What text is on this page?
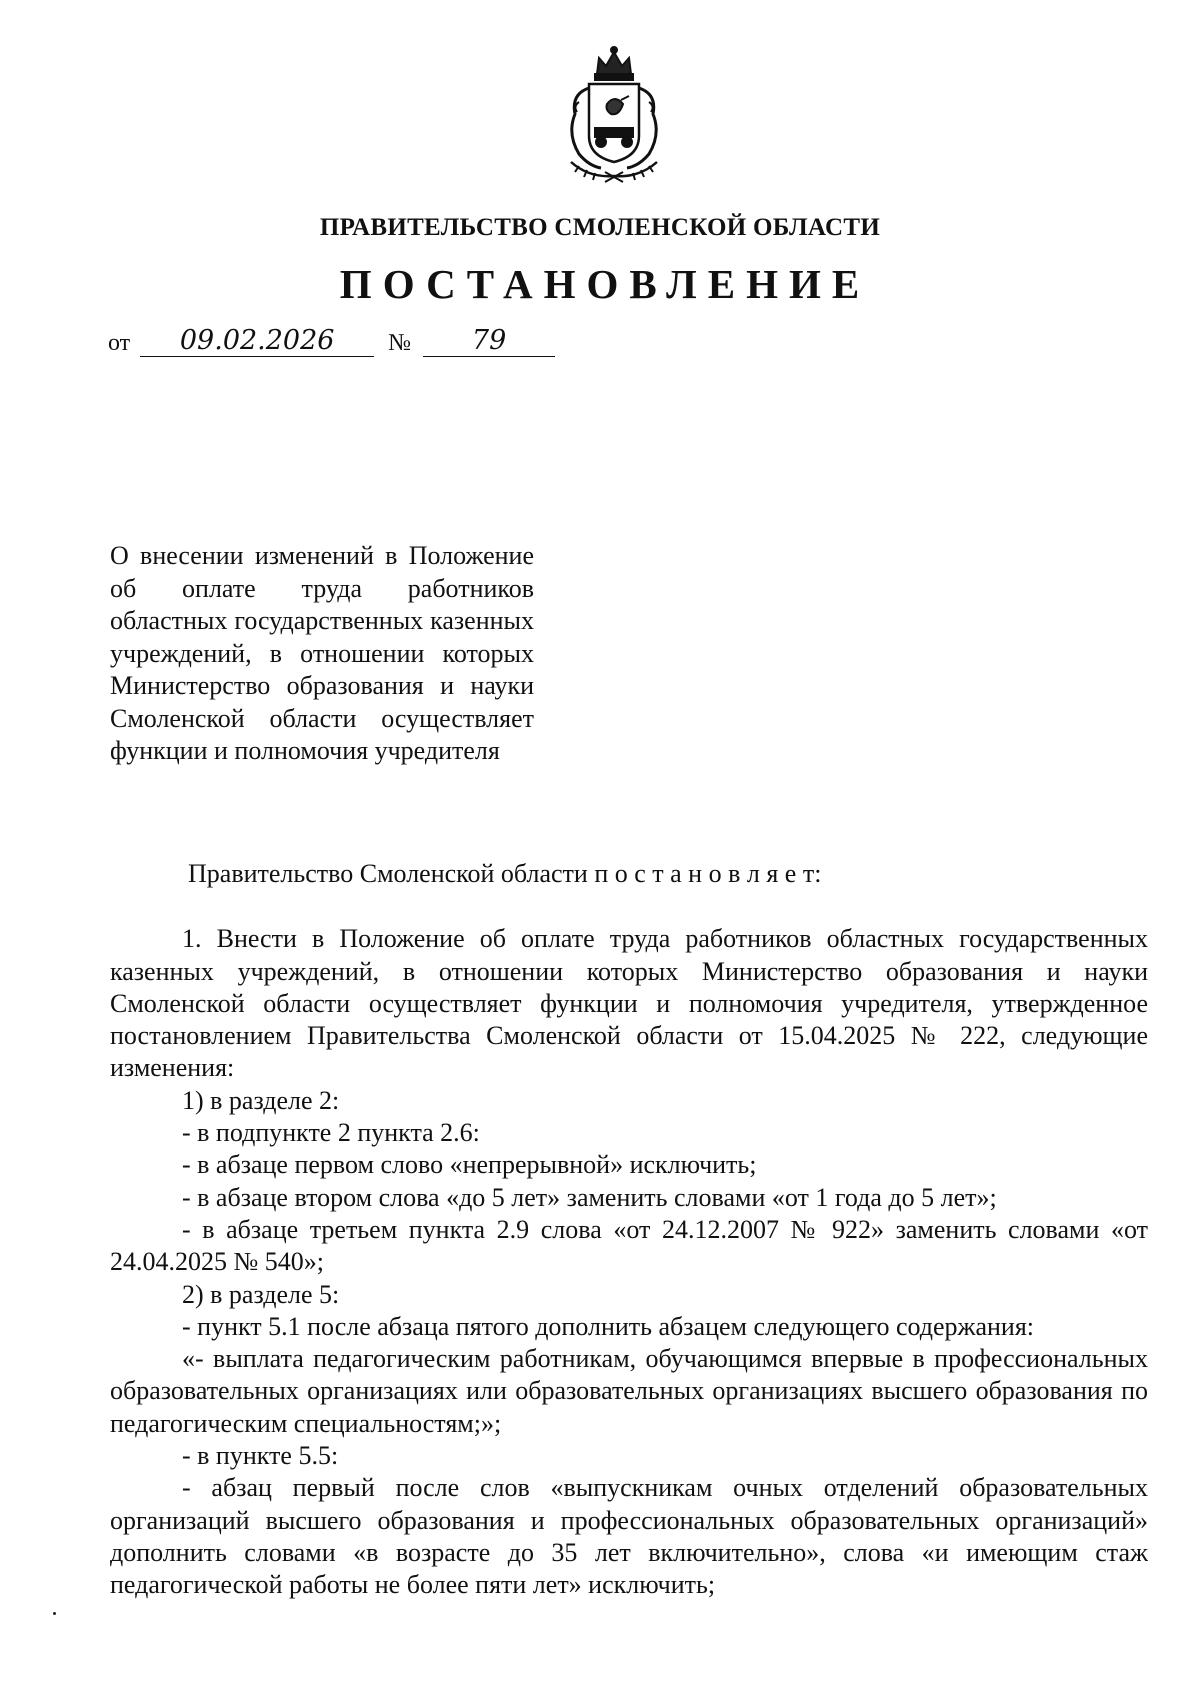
ПРАВИТЕЛЬСТВО СМОЛЕНСКОЙ ОБЛАСТИ
ПОСТАНОВЛЕНИЕ
от 09.02.2026 № 79
О внесении изменений в Положение об оплате труда работников областных государственных казенных учреждений, в отношении которых Министерство образования и науки Смоленской области осуществляет функции и полномочия учредителя

Правительство Смоленской области п о с т а н о в л я е т:

1. Внести в Положение об оплате труда работников областных государственных казенных учреждений, в отношении которых Министерство образования и науки Смоленской области осуществляет функции и полномочия учредителя, утвержденное постановлением Правительства Смоленской области от 15.04.2025 № 222, следующие изменения:

1) в разделе 2:

- в подпункте 2 пункта 2.6:

- в абзаце первом слово «непрерывной» исключить;

- в абзаце втором слова «до 5 лет» заменить словами «от 1 года до 5 лет»;

- в абзаце третьем пункта 2.9 слова «от 24.12.2007 № 922» заменить словами «от 24.04.2025 № 540»;

2) в разделе 5:

- пункт 5.1 после абзаца пятого дополнить абзацем следующего содержания:

«- выплата педагогическим работникам, обучающимся впервые в профессиональных образовательных организациях или образовательных организациях высшего образования по педагогическим специальностям;»;

- в пункте 5.5:

- абзац первый после слов «выпускникам очных отделений образовательных организаций высшего образования и профессиональных образовательных организаций» дополнить словами «в возрасте до 35 лет включительно», слова «и имеющим стаж педагогической работы не более пяти лет» исключить;
